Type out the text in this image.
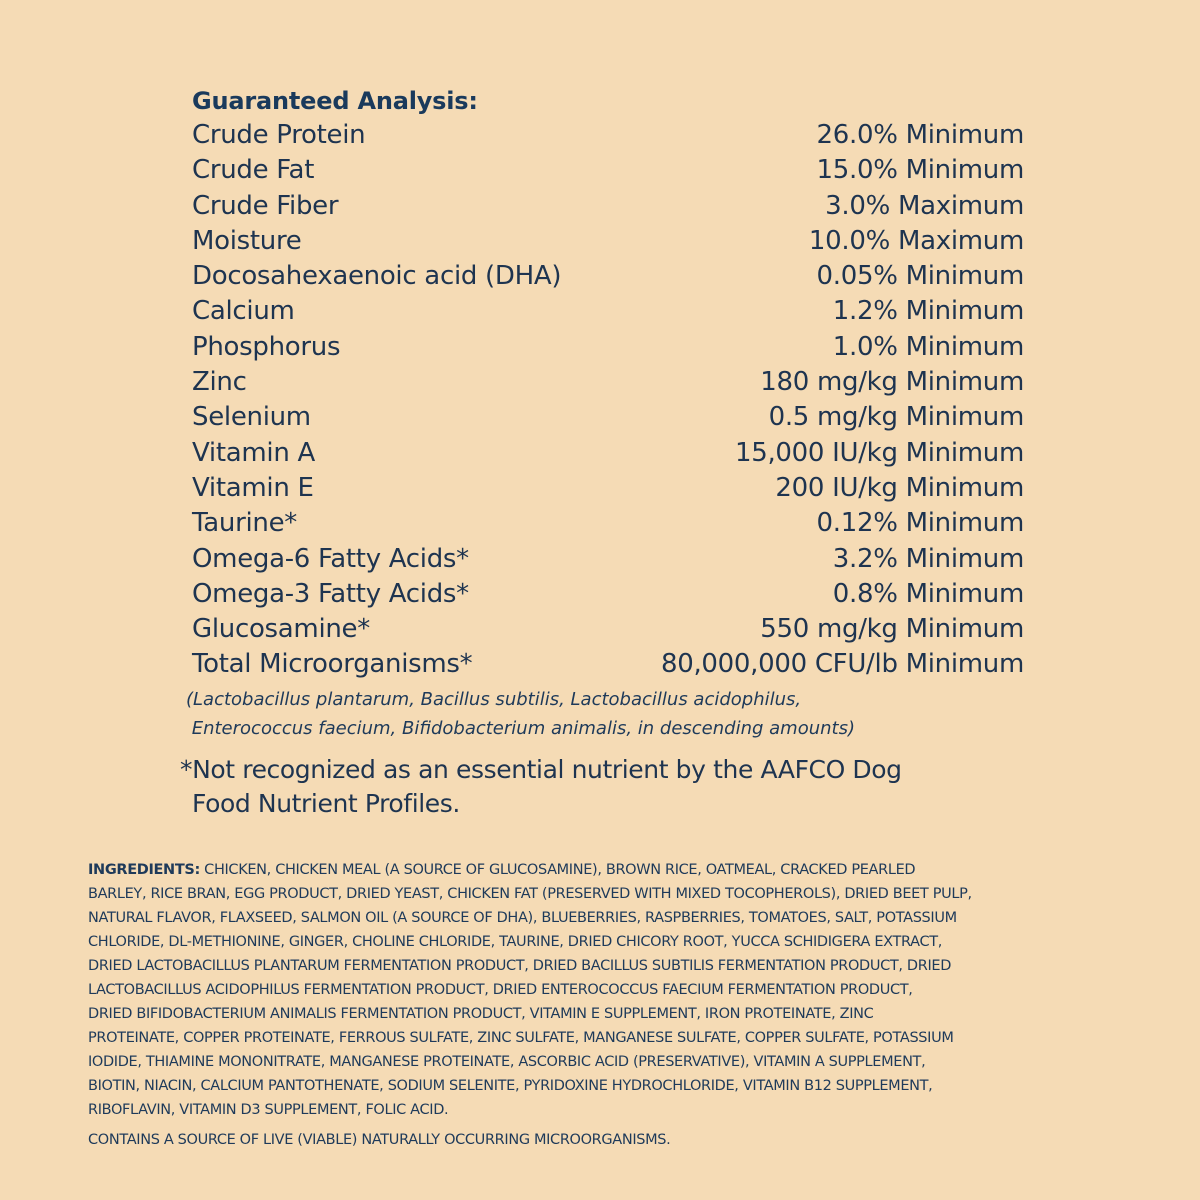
Guaranteed Analysis:
Crude Protein	26.0% Minimum
Crude Fat	15.0% Minimum
Crude Fiber	3.0% Maximum
Moisture	10.0% Maximum
Docosahexaenoic acid (DHA)	0.05% Minimum
Calcium	1.2% Minimum
Phosphorus	1.0% Minimum
Zinc	180 mg/kg Minimum
Selenium	0.5 mg/kg Minimum
Vitamin A	15,000 IU/kg Minimum
Vitamin E	200 IU/kg Minimum
Taurine*	0.12% Minimum
Omega-6 Fatty Acids*	3.2% Minimum
Omega-3 Fatty Acids*	0.8% Minimum
Glucosamine*	550 mg/kg Minimum
Total Microorganisms*	80,000,000 CFU/lb Minimum
(Lactobacillus plantarum, Bacillus subtilis, Lactobacillus acidophilus,
Enterococcus faecium, Bifidobacterium animalis, in descending amounts)
*Not recognized as an essential nutrient by the AAFCO Dog
Food Nutrient Profiles.
INGREDIENTS: CHICKEN, CHICKEN MEAL (A SOURCE OF GLUCOSAMINE), BROWN RICE, OATMEAL, CRACKED PEARLED
BARLEY, RICE BRAN, EGG PRODUCT, DRIED YEAST, CHICKEN FAT (PRESERVED WITH MIXED TOCOPHEROLS), DRIED BEET PULP,
NATURAL FLAVOR, FLAXSEED, SALMON OIL (A SOURCE OF DHA), BLUEBERRIES, RASPBERRIES, TOMATOES, SALT, POTASSIUM
CHLORIDE, DL-METHIONINE, GINGER, CHOLINE CHLORIDE, TAURINE, DRIED CHICORY ROOT, YUCCA SCHIDIGERA EXTRACT,
DRIED LACTOBACILLUS PLANTARUM FERMENTATION PRODUCT, DRIED BACILLUS SUBTILIS FERMENTATION PRODUCT, DRIED
LACTOBACILLUS ACIDOPHILUS FERMENTATION PRODUCT, DRIED ENTEROCOCCUS FAECIUM FERMENTATION PRODUCT,
DRIED BIFIDOBACTERIUM ANIMALIS FERMENTATION PRODUCT, VITAMIN E SUPPLEMENT, IRON PROTEINATE, ZINC
PROTEINATE, COPPER PROTEINATE, FERROUS SULFATE, ZINC SULFATE, MANGANESE SULFATE, COPPER SULFATE, POTASSIUM
IODIDE, THIAMINE MONONITRATE, MANGANESE PROTEINATE, ASCORBIC ACID (PRESERVATIVE), VITAMIN A SUPPLEMENT,
BIOTIN, NIACIN, CALCIUM PANTOTHENATE, SODIUM SELENITE, PYRIDOXINE HYDROCHLORIDE, VITAMIN B12 SUPPLEMENT,
RIBOFLAVIN, VITAMIN D3 SUPPLEMENT, FOLIC ACID.
CONTAINS A SOURCE OF LIVE (VIABLE) NATURALLY OCCURRING MICROORGANISMS.
